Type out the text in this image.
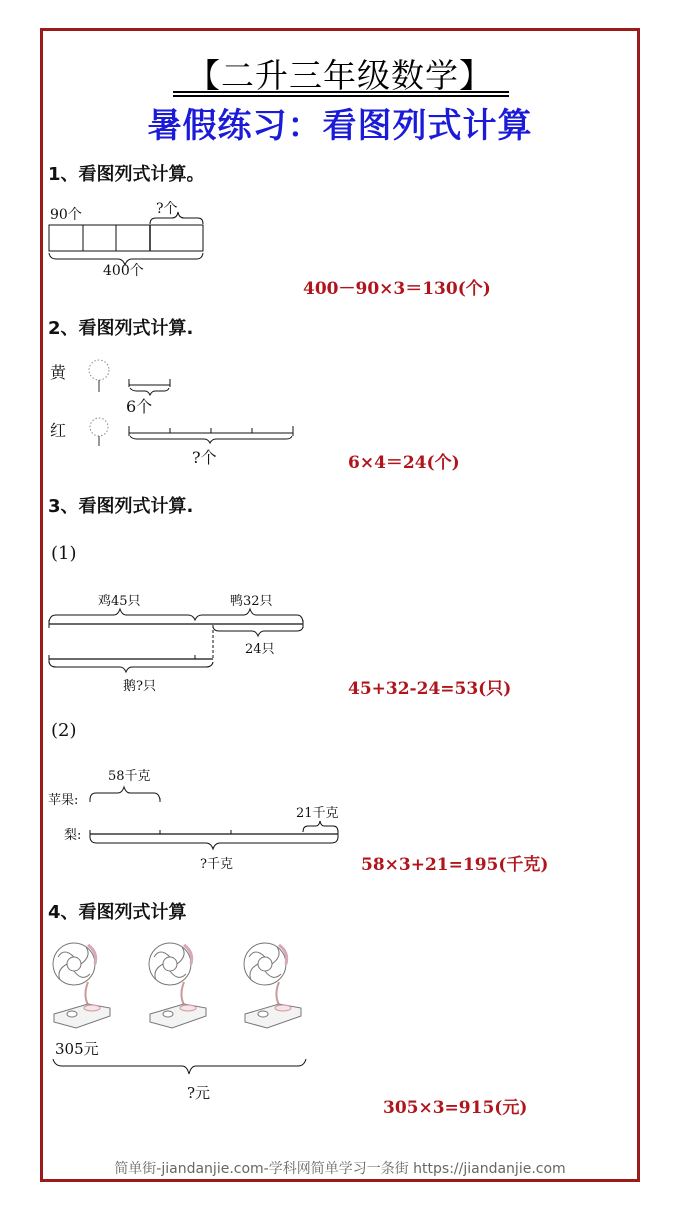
【二升三年级数学】
暑假练习：看图列式计算
1、看图列式计算。
90个	?个
400个
400－90×3＝130(个)
2、看图列式计算.
黄
红
6个
?个	6×4＝24(个)
3、看图列式计算.
(1)
鸡45只	鸭32只
24只
鹅?只	45+32-24=53(只)
(2)
58千克
苹果:
梨:
21千克
?千克	58×3+21=195(千克)
4、看图列式计算
305元
?元
305×3=915(元)
简单街-jiandanjie.com-学科网简单学习一条街 https://jiandanjie.com
